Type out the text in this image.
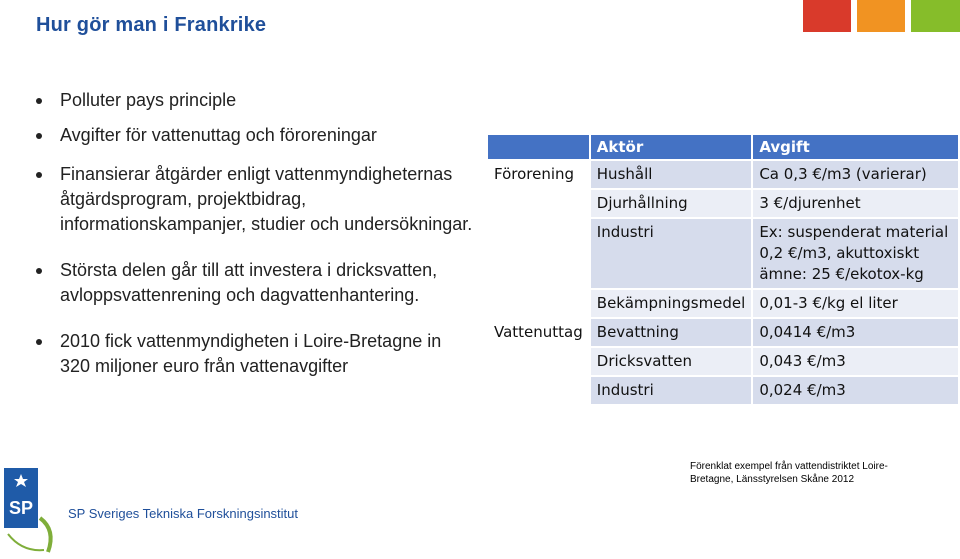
Hur gör man i Frankrike
Polluter pays principle
Avgifter för vattenuttag och föroreningar
Finansierar åtgärder enligt vattenmyndigheternas åtgärdsprogram, projektbidrag, informationskampanjer, studier och undersökningar.
Största delen går till att investera i dricksvatten, avloppsvattenrening och dagvattenhantering.
2010 fick vattenmyndigheten i Loire-Bretagne in 320 miljoner euro från vattenavgifter
	Aktör	Avgift
Förorening	Hushåll	Ca 0,3 €/m3 (varierar)
	Djurhållning	3 €/djurenhet
	Industri	Ex: suspenderat material 0,2 €/m3, akuttoxiskt ämne: 25 €/ekotox-kg
	Bekämpningsmedel	0,01-3 €/kg el liter
Vattenuttag	Bevattning	0,0414 €/m3
	Dricksvatten	0,043 €/m3
	Industri	0,024 €/m3
Förenklat exempel från vattendistriktet Loire-Bretagne, Länsstyrelsen Skåne 2012
SP	SP Sveriges Tekniska Forskningsinstitut
